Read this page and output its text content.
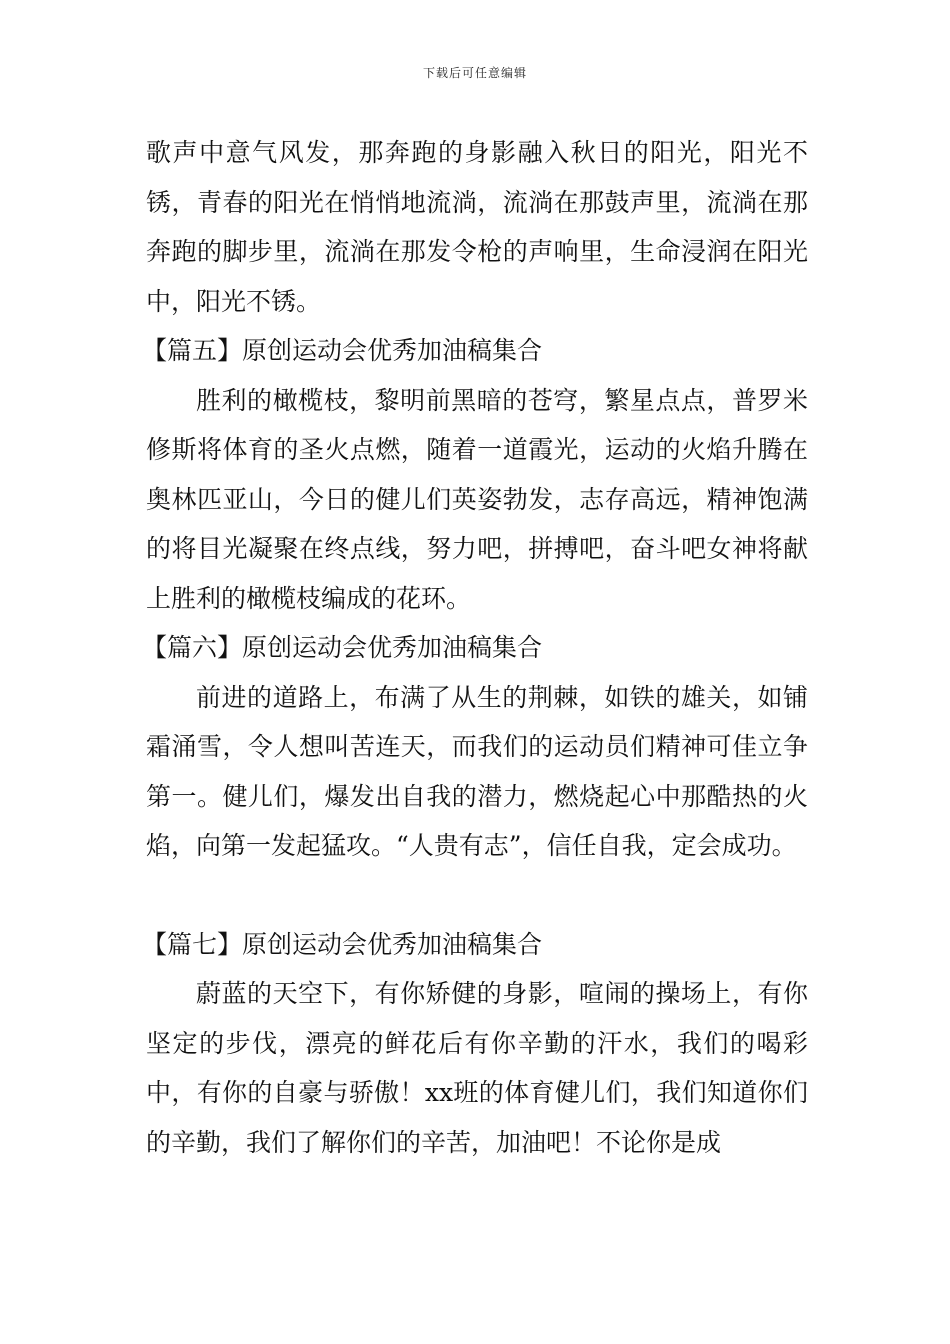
下载后可任意编辑

歌声中意气风发，那奔跑的身影融入秋日的阳光，阳光不锈，青春的阳光在悄悄地流淌，流淌在那鼓声里，流淌在那奔跑的脚步里，流淌在那发令枪的声响里，生命浸润在阳光中，阳光不锈。

【篇五】原创运动会优秀加油稿集合

胜利的橄榄枝，黎明前黑暗的苍穹，繁星点点，普罗米修斯将体育的圣火点燃，随着一道霞光，运动的火焰升腾在奥林匹亚山，今日的健儿们英姿勃发，志存高远，精神饱满的将目光凝聚在终点线，努力吧，拼搏吧，奋斗吧女神将献上胜利的橄榄枝编成的花环。

【篇六】原创运动会优秀加油稿集合

前进的道路上，布满了从生的荆棘，如铁的雄关，如铺霜涌雪，令人想叫苦连天，而我们的运动员们精神可佳立争第一。健儿们，爆发出自我的潜力，燃烧起心中那酷热的火焰，向第一发起猛攻。“人贵有志”，信任自我，定会成功。

【篇七】原创运动会优秀加油稿集合

蔚蓝的天空下，有你矫健的身影，喧闹的操场上，有你坚定的步伐，漂亮的鲜花后有你辛勤的汗水，我们的喝彩中，有你的自豪与骄傲！xx班的体育健儿们，我们知道你们的辛勤，我们了解你们的辛苦，加油吧！不论你是成
